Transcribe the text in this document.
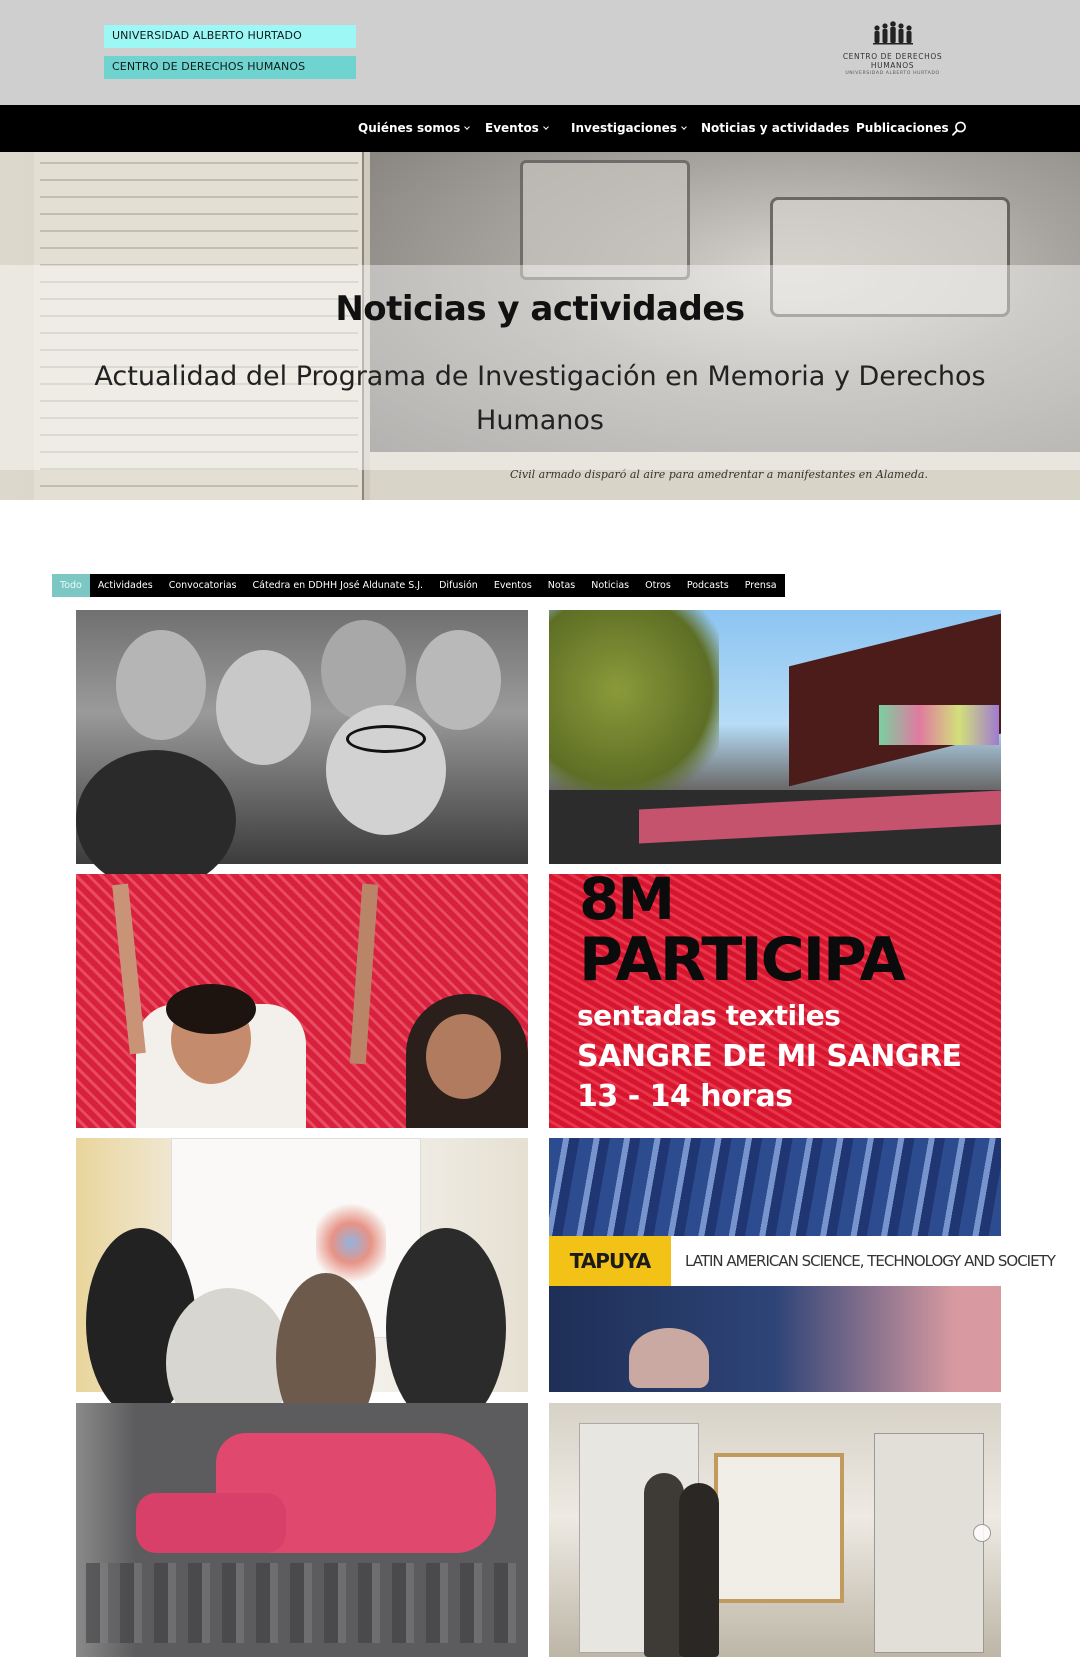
UNIVERSIDAD ALBERTO HURTADO
CENTRO DE DERECHOS HUMANOS
CENTRO DE DERECHOS HUMANOS
UNIVERSIDAD ALBERTO HURTADO
Quiénes somos	Eventos	Investigaciones	Noticias y actividades Publicaciones
Civil armado disparó al aire para amedrentar a manifestantes en Alameda.
Noticias y actividades
Actualidad del Programa de Investigación en Memoria y Derechos Humanos
Todo	Actividades	Convocatorias	Cátedra en DDHH José Aldunate S.J.	Difusión	Eventos	Notas	Noticias	Otros	Podcasts	Prensa
8M
PARTICIPA
sentadas textiles
SANGRE DE MI SANGRE
13 - 14 horas
TAPUYA	LATIN AMERICAN SCIENCE, TECHNOLOGY AND SOCIETY
